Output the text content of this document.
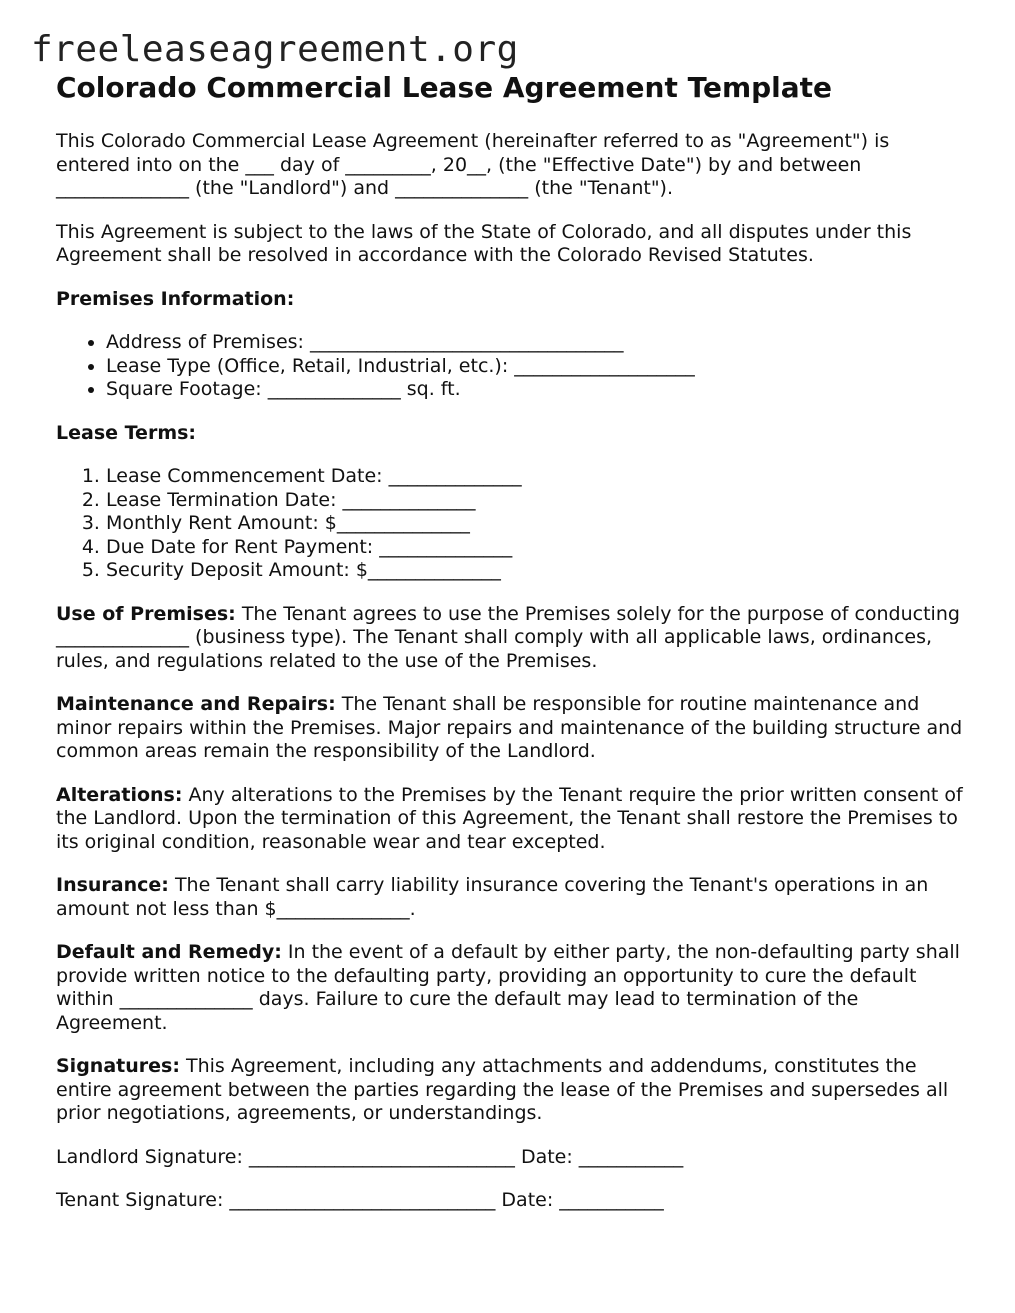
freeleaseagreement.org
Colorado Commercial Lease Agreement Template

This Colorado Commercial Lease Agreement (hereinafter referred to as "Agreement") is entered into on the ___ day of _________, 20__, (the "Effective Date") by and between ______________ (the "Landlord") and ______________ (the "Tenant").

This Agreement is subject to the laws of the State of Colorado, and all disputes under this Agreement shall be resolved in accordance with the Colorado Revised Statutes.

Premises Information:
• Address of Premises: _________________________________
• Lease Type (Office, Retail, Industrial, etc.): ___________________
• Square Footage: ______________ sq. ft.
Lease Terms:
1. Lease Commencement Date: ______________
2. Lease Termination Date: ______________
3. Monthly Rent Amount: $______________
4. Due Date for Rent Payment: ______________
5. Security Deposit Amount: $______________

Use of Premises: The Tenant agrees to use the Premises solely for the purpose of conducting ______________ (business type). The Tenant shall comply with all applicable laws, ordinances, rules, and regulations related to the use of the Premises.

Maintenance and Repairs: The Tenant shall be responsible for routine maintenance and minor repairs within the Premises. Major repairs and maintenance of the building structure and common areas remain the responsibility of the Landlord.

Alterations: Any alterations to the Premises by the Tenant require the prior written consent of the Landlord. Upon the termination of this Agreement, the Tenant shall restore the Premises to its original condition, reasonable wear and tear excepted.

Insurance: The Tenant shall carry liability insurance covering the Tenant's operations in an amount not less than $______________.

Default and Remedy: In the event of a default by either party, the non-defaulting party shall provide written notice to the defaulting party, providing an opportunity to cure the default within ______________ days. Failure to cure the default may lead to termination of the Agreement.

Signatures: This Agreement, including any attachments and addendums, constitutes the entire agreement between the parties regarding the lease of the Premises and supersedes all prior negotiations, agreements, or understandings.

Landlord Signature: ____________________________ Date: ___________
Tenant Signature: ____________________________ Date: ___________
